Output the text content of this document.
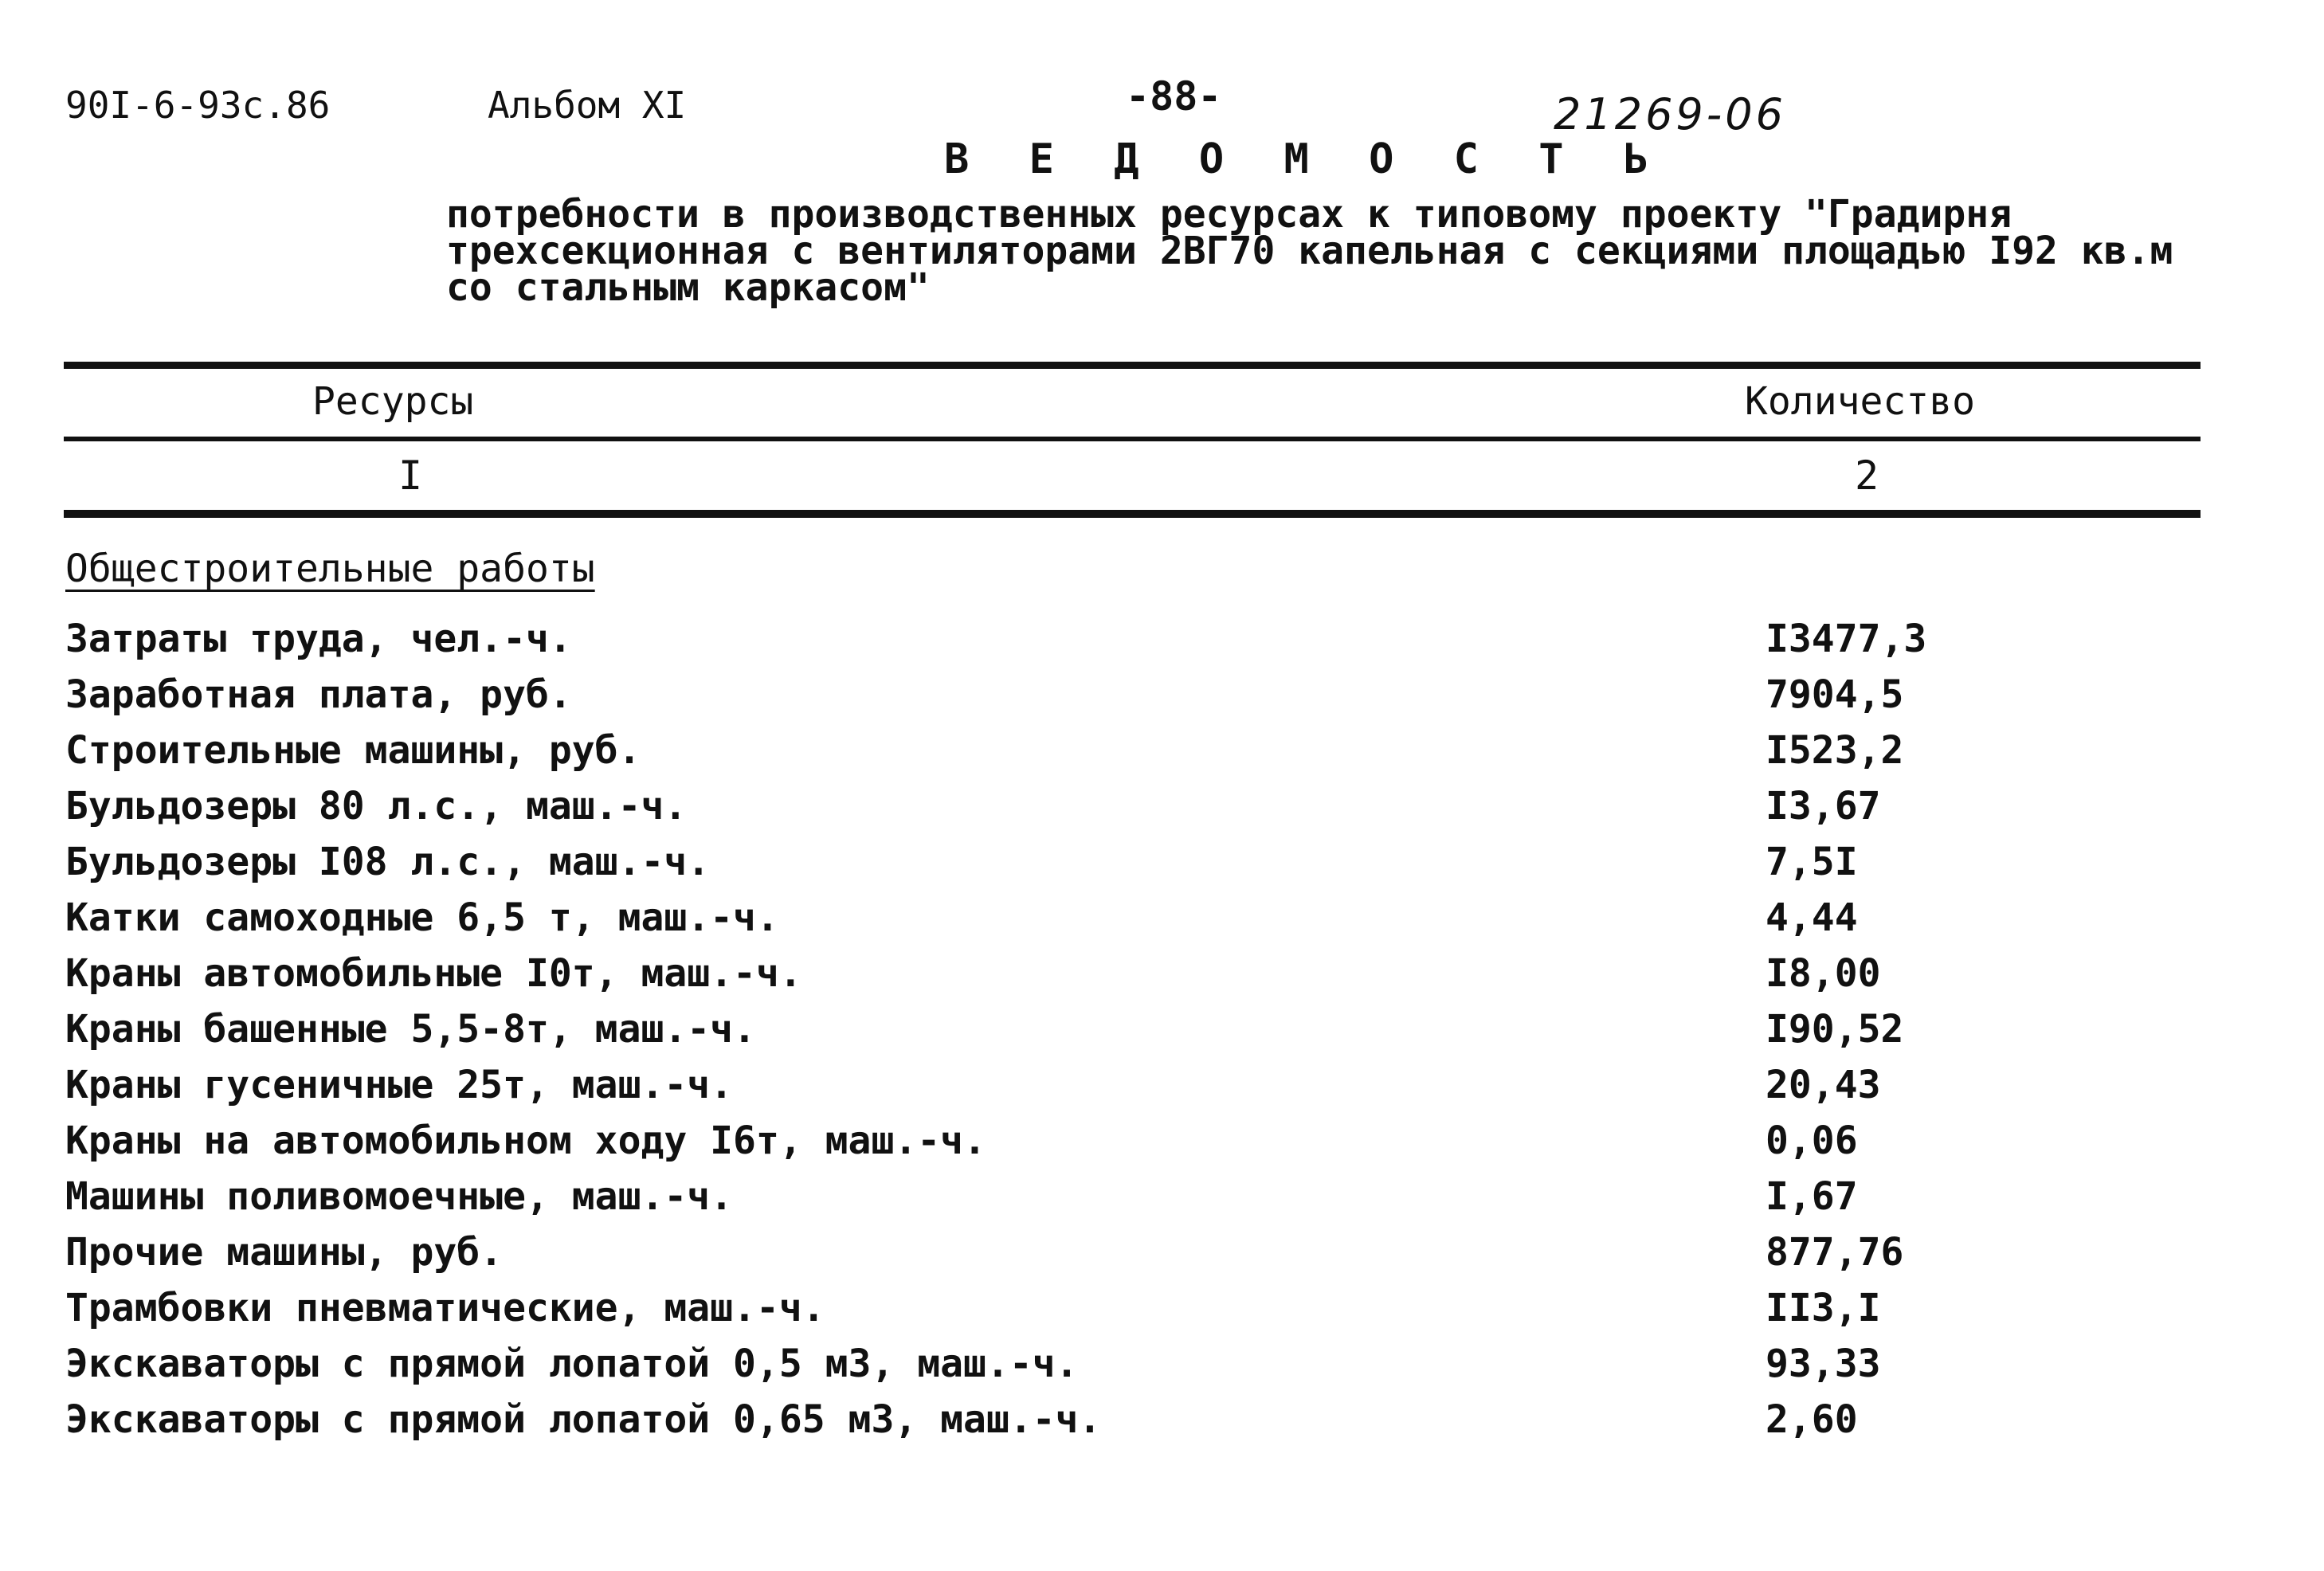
90I-6-93с.86	Альбом XI	-88-	21269-06
В Е Д О М О С Т Ь
потребности в производственных ресурсах к типовому проекту "Градирня трехсекционная с вентиляторами 2ВГ70 капельная с секциями площадью I92 кв.м со стальным каркасом"
Ресурсы	Количество
I	2
Общестроительные работы
Затраты труда, чел.-ч.	I3477,3
Заработная плата, руб.	7904,5
Строительные машины, руб.	I523,2
Бульдозеры 80 л.с., маш.-ч.	I3,67
Бульдозеры I08 л.с., маш.-ч.	7,5I
Катки самоходные 6,5 т, маш.-ч.	4,44
Краны автомобильные I0т, маш.-ч.	I8,00
Краны башенные 5,5-8т, маш.-ч.	I90,52
Краны гусеничные 25т, маш.-ч.	20,43
Краны на автомобильном ходу I6т, маш.-ч.	0,06
Машины поливомоечные, маш.-ч.	I,67
Прочие машины, руб.	877,76
Трамбовки пневматические, маш.-ч.	II3,I
Экскаваторы с прямой лопатой 0,5 м3, маш.-ч.	93,33
Экскаваторы с прямой лопатой 0,65 м3, маш.-ч.	2,60
